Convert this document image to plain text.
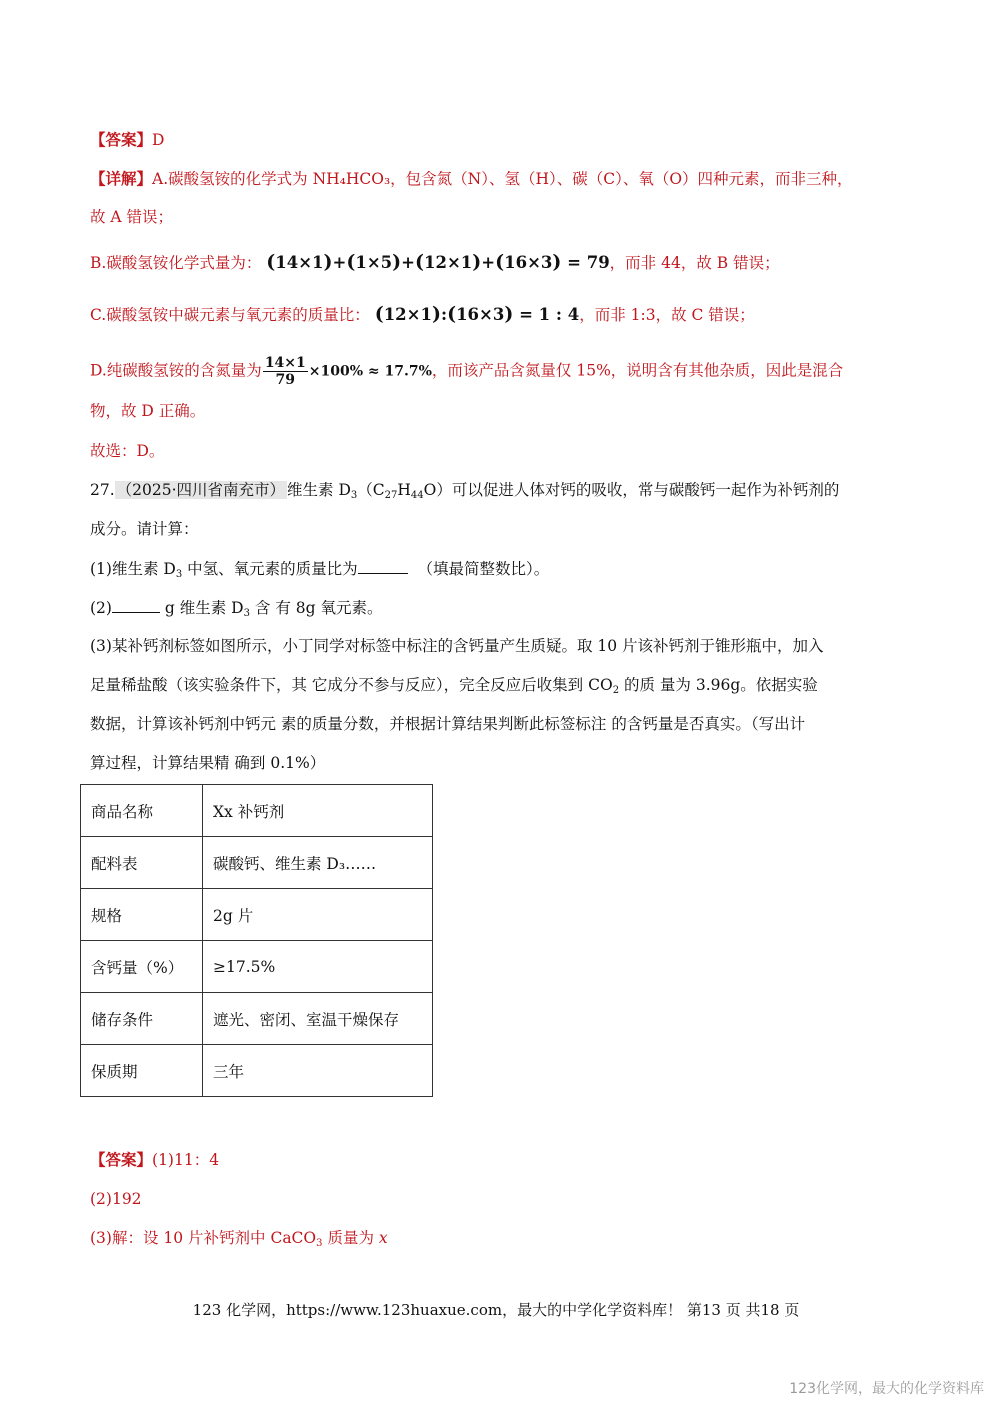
【答案】D
【详解】A.碳酸氢铵的化学式为 NH₄HCO₃，包含氮（N）、氢（H）、碳（C）、氧（O）四种元素，而非三种，
故 A 错误；
B.碳酸氢铵化学式量为： (14×1)+(1×5)+(12×1)+(16×3) = 79，而非 44，故 B 错误；
C.碳酸氢铵中碳元素与氧元素的质量比： (12×1):(16×3) = 1 : 4，而非 1:3，故 C 错误；
D.纯碳酸氢铵的含氮量为 $\frac{14\times 1}{79} \times 100\% \approx 17.7\%$，而该产品含氮量仅 15%，说明含有其他杂质，因此是混合
物，故 D 正确。
故选：D。
27. （2025·四川省南充市） 维生素 $D_3(C_{27}H_{44}O)$可以促进人体对钙的吸收，常与碳酸钙一起作为补钙剂的
成分。请计算：
(1)维生素 $D_3$ 中氢、氧元素的质量比为	（填最简整数比）。
(2)	g 维生素 $D_3$ 含 有 8g 氧元素。
(3)某补钙剂标签如图所示，小丁同学对标签中标注的含钙量产生质疑。取 10 片该补钙剂于锥形瓶中，加入
足量稀盐酸（该实验条件下，其 它成分不参与反应），完全反应后收集到 $CO_2$ 的质 量为 3.96g。依据实验
数据，计算该补钙剂中钙元 素的质量分数，并根据计算结果判断此标签标注 的含钙量是否真实。（写出计
算过程，计算结果精 确到 0.1%）
商品名称	Xx 补钙剂
配料表	碳酸钙、维生素 D₃……
规格	2g 片
含钙量（%）	≥17.5%
储存条件	遮光、密闭、室温干燥保存
保质期	三年
【答案】(1)11：4
(2)192
(3)解：设 10 片补钙剂中 CaCO$_3$ 质量为 x
123 化学网，https://www.123huaxue.com，最大的中学化学资料库！ 第13 页 共18 页
123化学网，最大的化学资料库
